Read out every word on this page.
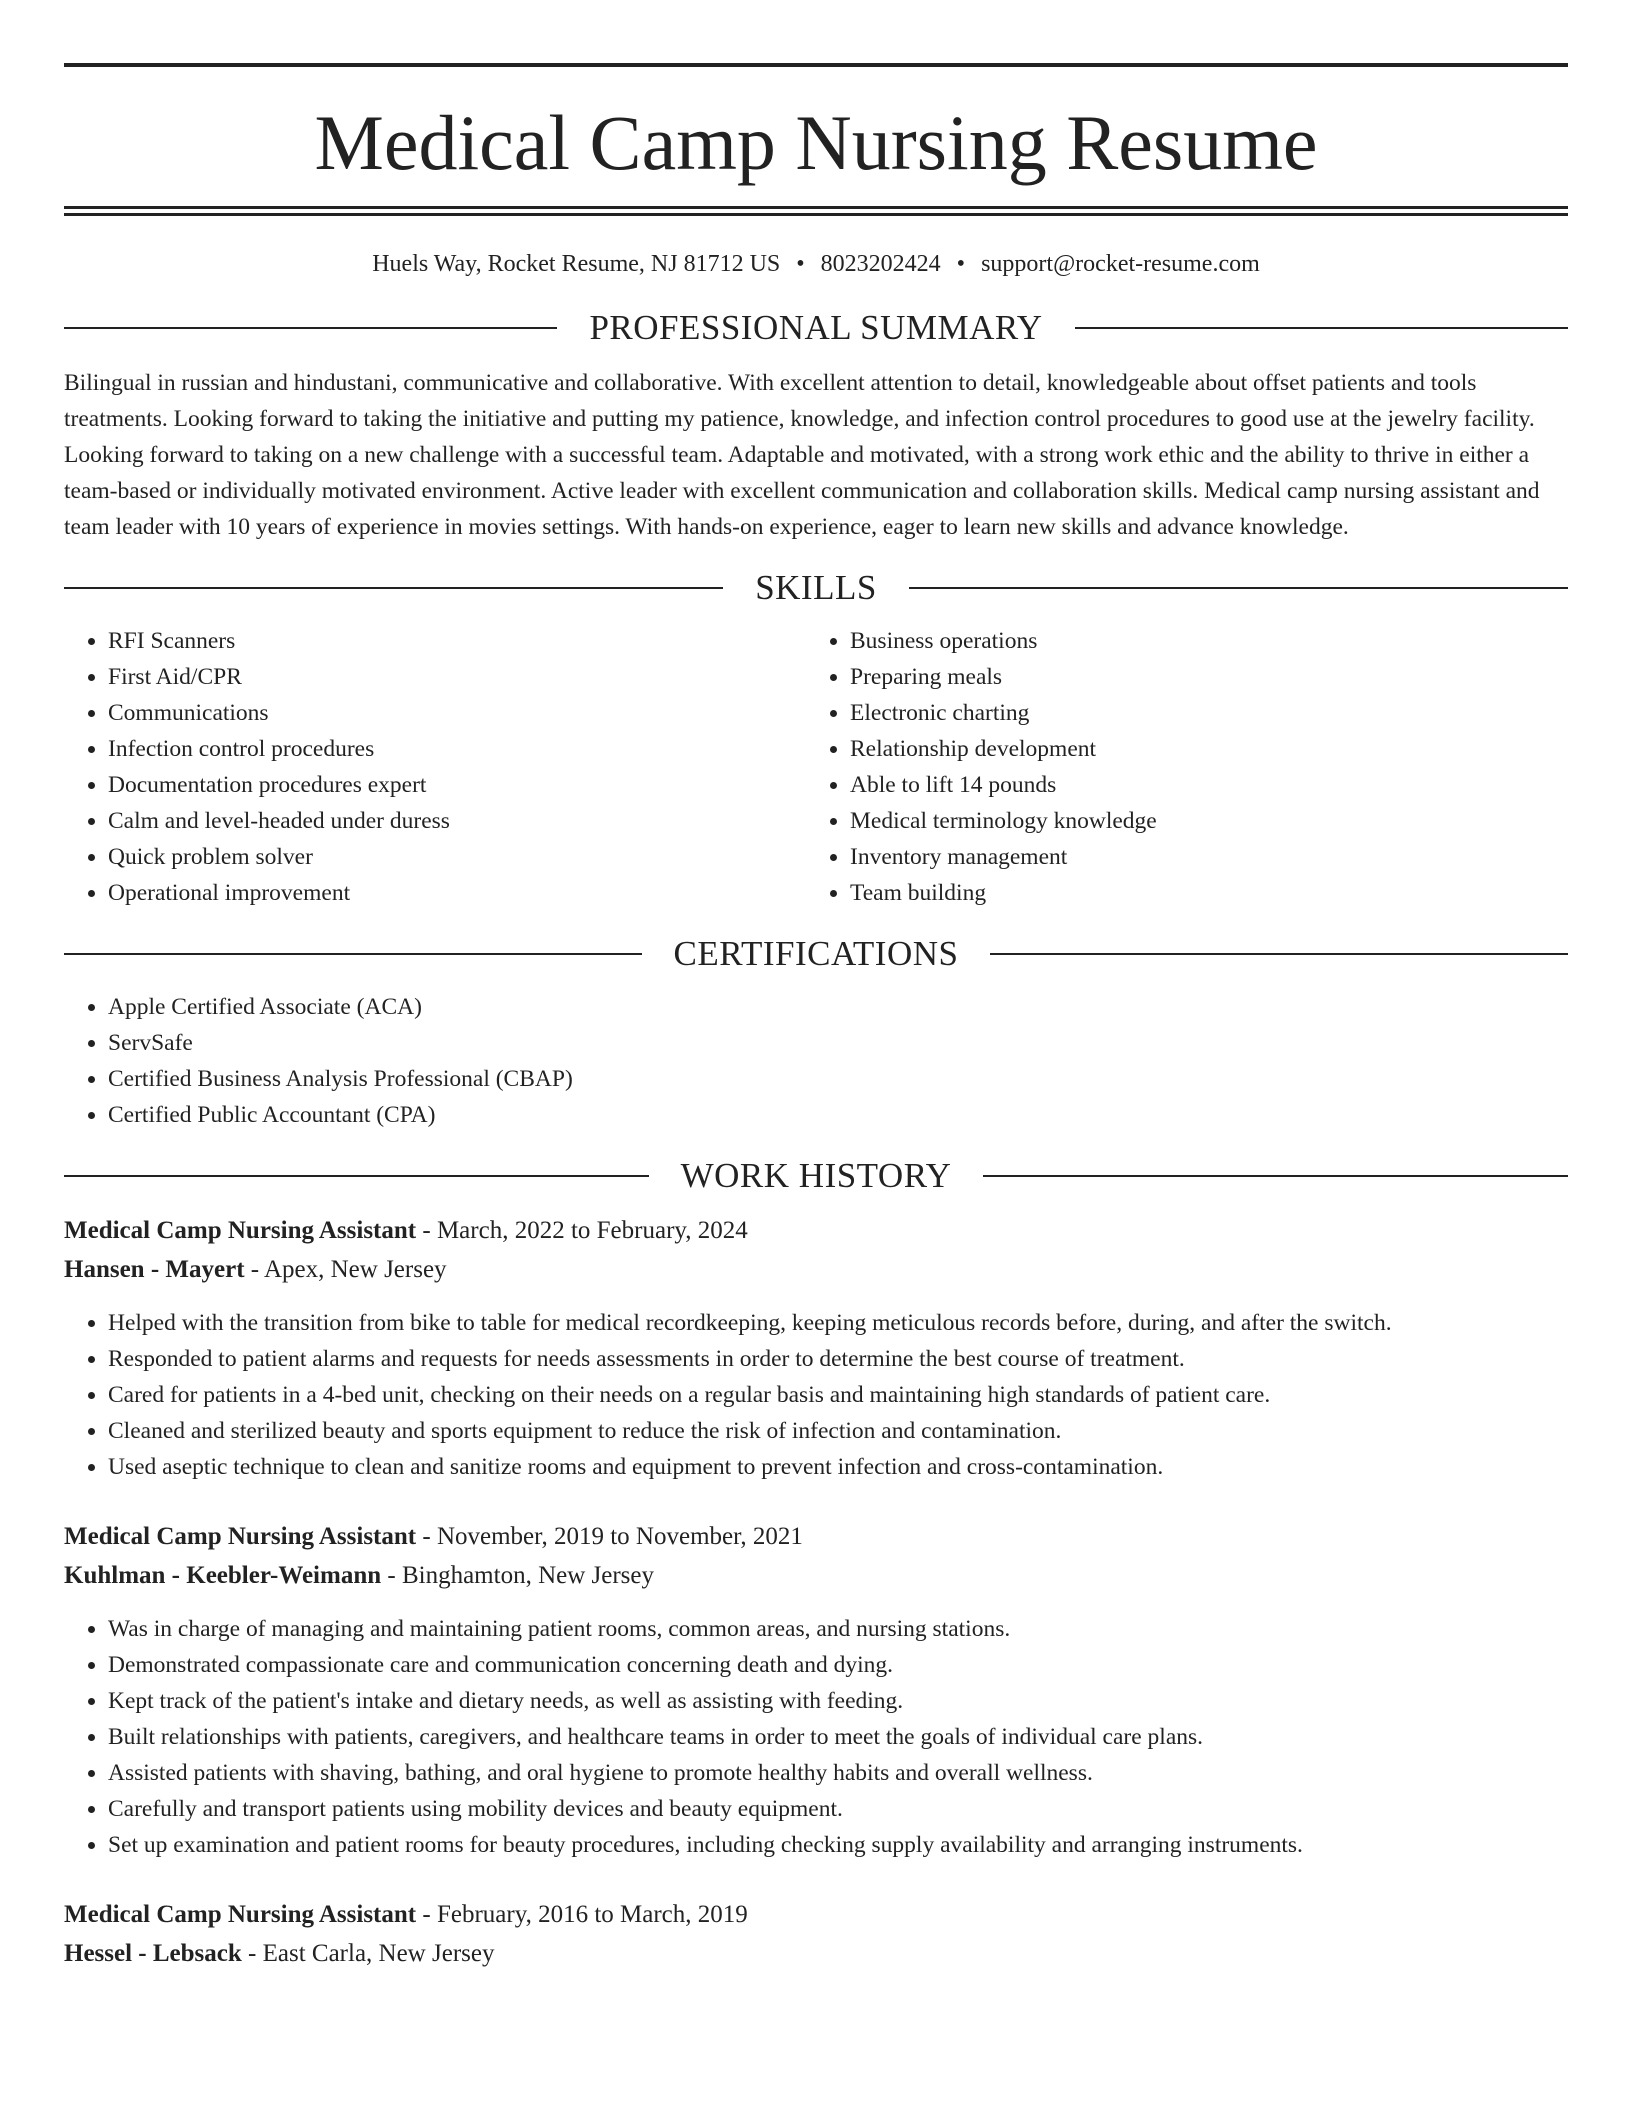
Medical Camp Nursing Resume
Huels Way, Rocket Resume, NJ 81712 US • 8023202424 • support@rocket-resume.com
PROFESSIONAL SUMMARY
Bilingual in russian and hindustani, communicative and collaborative. With excellent attention to detail, knowledgeable about offset patients and tools treatments. Looking forward to taking the initiative and putting my patience, knowledge, and infection control procedures to good use at the jewelry facility. Looking forward to taking on a new challenge with a successful team. Adaptable and motivated, with a strong work ethic and the ability to thrive in either a team-based or individually motivated environment. Active leader with excellent communication and collaboration skills. Medical camp nursing assistant and team leader with 10 years of experience in movies settings. With hands-on experience, eager to learn new skills and advance knowledge.
SKILLS
• RFI Scanners
• First Aid/CPR
• Communications
• Infection control procedures
• Documentation procedures expert
• Calm and level-headed under duress
• Quick problem solver
• Operational improvement
• Business operations
• Preparing meals
• Electronic charting
• Relationship development
• Able to lift 14 pounds
• Medical terminology knowledge
• Inventory management
• Team building
CERTIFICATIONS
• Apple Certified Associate (ACA)
• ServSafe
• Certified Business Analysis Professional (CBAP)
• Certified Public Accountant (CPA)
WORK HISTORY
Medical Camp Nursing Assistant - March, 2022 to February, 2024
Hansen - Mayert - Apex, New Jersey
• Helped with the transition from bike to table for medical recordkeeping, keeping meticulous records before, during, and after the switch.
• Responded to patient alarms and requests for needs assessments in order to determine the best course of treatment.
• Cared for patients in a 4-bed unit, checking on their needs on a regular basis and maintaining high standards of patient care.
• Cleaned and sterilized beauty and sports equipment to reduce the risk of infection and contamination.
• Used aseptic technique to clean and sanitize rooms and equipment to prevent infection and cross-contamination.
Medical Camp Nursing Assistant - November, 2019 to November, 2021
Kuhlman - Keebler-Weimann - Binghamton, New Jersey
• Was in charge of managing and maintaining patient rooms, common areas, and nursing stations.
• Demonstrated compassionate care and communication concerning death and dying.
• Kept track of the patient's intake and dietary needs, as well as assisting with feeding.
• Built relationships with patients, caregivers, and healthcare teams in order to meet the goals of individual care plans.
• Assisted patients with shaving, bathing, and oral hygiene to promote healthy habits and overall wellness.
• Carefully and transport patients using mobility devices and beauty equipment.
• Set up examination and patient rooms for beauty procedures, including checking supply availability and arranging instruments.
Medical Camp Nursing Assistant - February, 2016 to March, 2019
Hessel - Lebsack - East Carla, New Jersey
